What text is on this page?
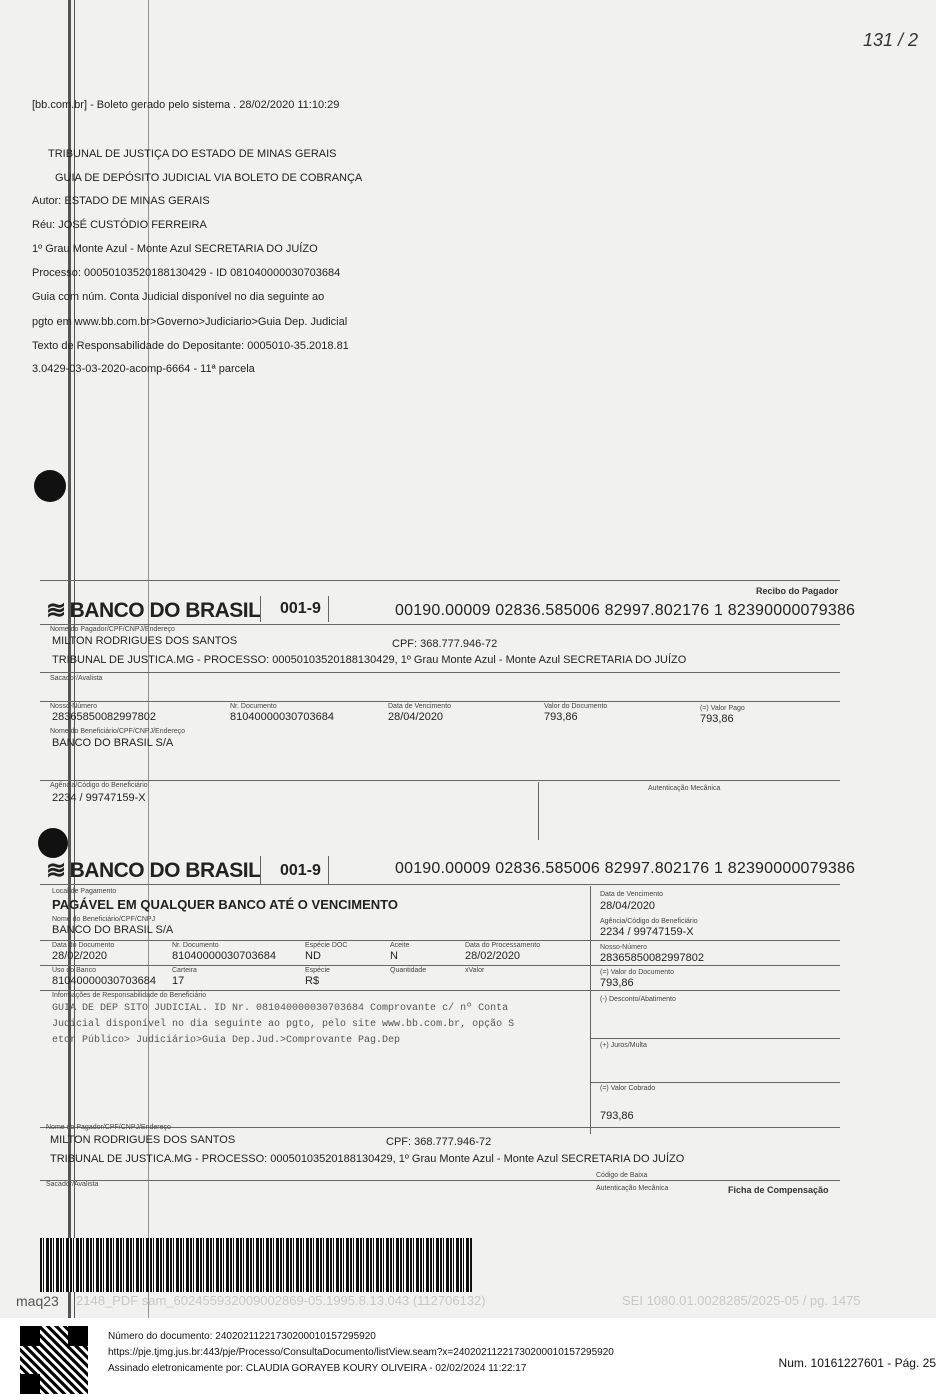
131 / 2
[bb.com.br] - Boleto gerado pelo sistema . 28/02/2020 11:10:29
TRIBUNAL DE JUSTIÇA DO ESTADO DE MINAS GERAIS
GUIA DE DEPÓSITO JUDICIAL VIA BOLETO DE COBRANÇA
Autor: ESTADO DE MINAS GERAIS
Réu: JOSÉ CUSTÓDIO FERREIRA
1º Grau Monte Azul - Monte Azul SECRETARIA DO JUÍZO
Processo: 00050103520188130429 - ID 081040000030703684
Guia com núm. Conta Judicial disponível no dia seguinte ao
pgto em www.bb.com.br>Governo>Judiciario>Guia Dep. Judicial
Texto de Responsabilidade do Depositante: 0005010-35.2018.81
3.0429-03-03-2020-acomp-6664 - 11ª parcela
Recibo do Pagador
≋ BANCO DO BRASIL 001-9	00190.00009 02836.585006 82997.802176 1 82390000079386
Nome do Pagador/CPF/CNPJ/Endereço
MILTON RODRIGUES DOS SANTOS	CPF: 368.777.946-72
TRIBUNAL DE JUSTICA.MG - PROCESSO: 00050103520188130429, 1º Grau Monte Azul - Monte Azul SECRETARIA DO JUÍZO
Sacador/Avalista
Nosso-Número
28365850082997802
Nr. Documento
81040000030703684
Data de Vencimento
28/04/2020
Valor do Documento
793,86
(=) Valor Pago
793,86
Nome do Beneficiário/CPF/CNPJ/Endereço
BANCO DO BRASIL S/A
Agência/Código do Beneficiário
2234 / 99747159-X
Autenticação Mecânica
≋ BANCO DO BRASIL 001-9	00190.00009 02836.585006 82997.802176 1 82390000079386
Local de Pagamento
PAGÁVEL EM QUALQUER BANCO ATÉ O VENCIMENTO
Data de Vencimento
28/04/2020
Nome do Beneficiário/CPF/CNPJ
BANCO DO BRASIL S/A
Agência/Código do Beneficiário
2234 / 99747159-X
Data do Documento
28/02/2020
Nr. Documento
81040000030703684
Espécie DOC
ND
Aceite
N
Data do Processamento
28/02/2020
Nosso-Número
28365850082997802
Uso do Banco
81040000030703684
Carteira
17
Espécie
R$
Quantidade	xValor	(=) Valor do Documento
793,86
Informações de Responsabilidade do Beneficiário
GUIA DE DEP SITO JUDICIAL. ID Nr. 081040000030703684 Comprovante c/ nº Conta
Judicial disponível no dia seguinte ao pgto, pelo site www.bb.com.br, opção S
etor Público> Judiciário>Guia Dep.Jud.>Comprovante Pag.Dep
(-) Desconto/Abatimento
(+) Juros/Multa
(=) Valor Cobrado
793,86
Nome do Pagador/CPF/CNPJ/Endereço
MILTON RODRIGUES DOS SANTOS	CPF: 368.777.946-72
TRIBUNAL DE JUSTICA.MG - PROCESSO: 00050103520188130429, 1º Grau Monte Azul - Monte Azul SECRETARIA DO JUÍZO
Código de Baixa
Sacador/Avalista
Autenticação Mecânica	Ficha de Compensação
maq23 2148_PDF sam_602455932009002869-05.1995.8.13.043 (112706132)	SEI 1080.01.0028285/2025-05 / pg. 1475
Número do documento: 24020211221730200010157295920
https://pje.tjmg.jus.br:443/pje/Processo/ConsultaDocumento/listView.seam?x=24020211221730200010157295920
Assinado eletronicamente por: CLAUDIA GORAYEB KOURY OLIVEIRA - 02/02/2024 11:22:17	Num. 10161227601 - Pág. 25
